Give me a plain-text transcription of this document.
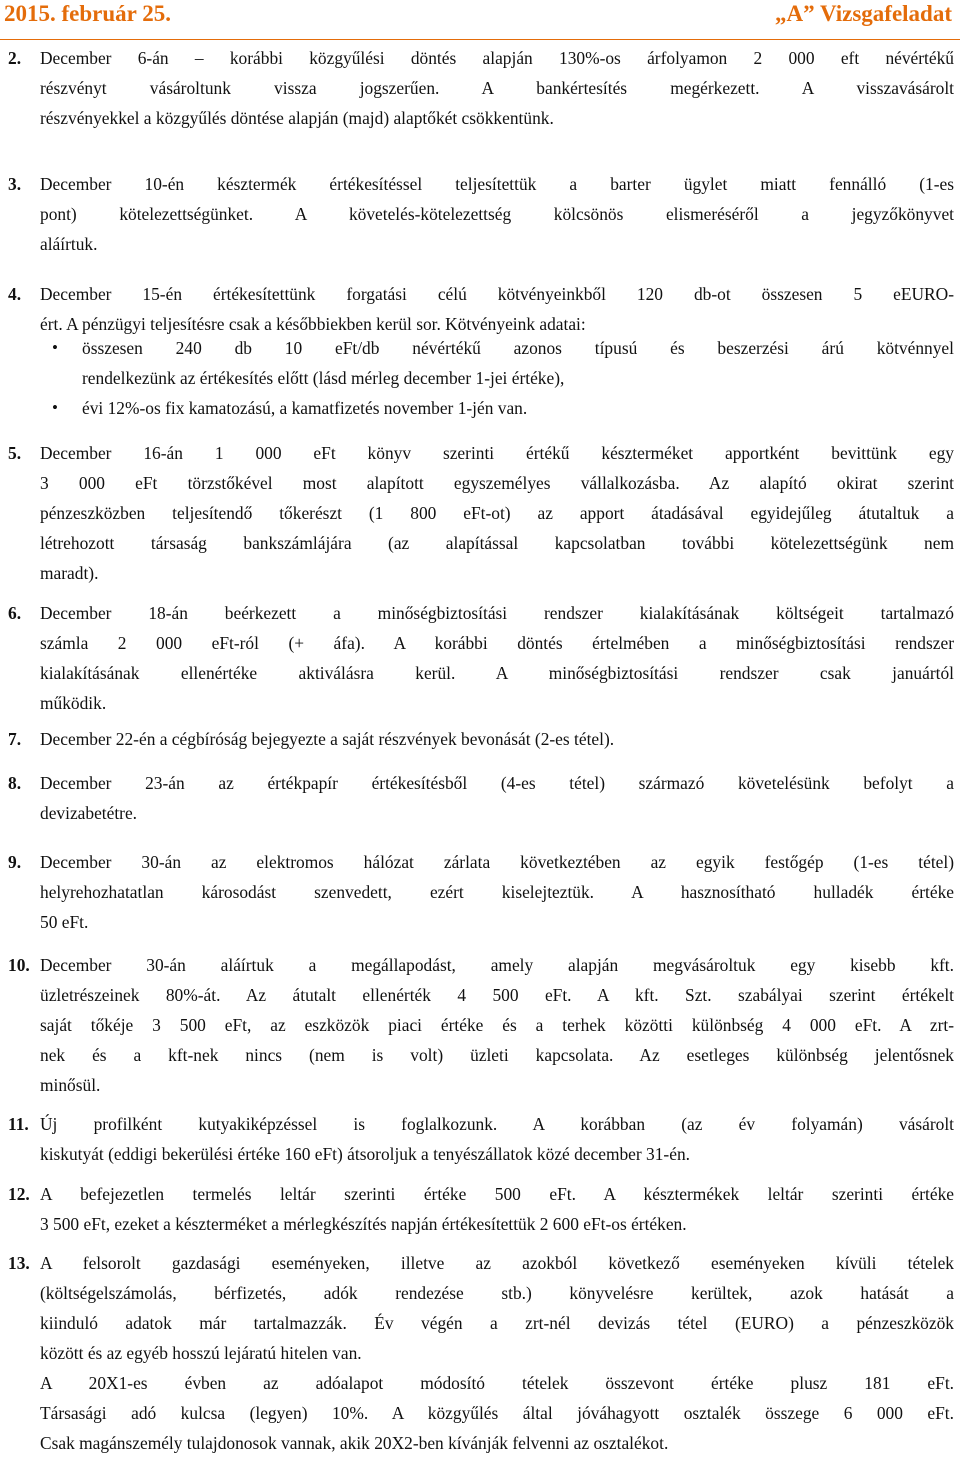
2015. február 25.	„A” Vizsgafeladat
2. December 6-án – korábbi közgyűlési döntés alapján 130%-os árfolyamon 2 000 eft névértékű
részvényt vásároltunk vissza jogszerűen. A bankértesítés megérkezett. A visszavásárolt
részvényekkel a közgyűlés döntése alapján (majd) alaptőkét csökkentünk.
3. December 10-én késztermék értékesítéssel teljesítettük a barter ügylet miatt fennálló (1-es
pont) kötelezettségünket. A követelés-kötelezettség kölcsönös elismeréséről a jegyzőkönyvet
aláírtuk.
4. December 15-én értékesítettünk forgatási célú kötvényeinkből 120 db-ot összesen 5 eEURO-
ért. A pénzügyi teljesítésre csak a későbbiekben kerül sor. Kötvényeink adatai:
• összesen 240 db 10 eFt/db névértékű azonos típusú és beszerzési árú kötvénnyel
rendelkezünk az értékesítés előtt (lásd mérleg december 1-jei értéke),
• évi 12%-os fix kamatozású, a kamatfizetés november 1-jén van.
5. December 16-án 1 000 eFt könyv szerinti értékű készterméket apportként bevittünk egy
3 000 eFt törzstőkével most alapított egyszemélyes vállalkozásba. Az alapító okirat szerint
pénzeszközben teljesítendő tőkerészt (1 800 eFt-ot) az apport átadásával egyidejűleg átutaltuk a
létrehozott társaság bankszámlájára (az alapítással kapcsolatban további kötelezettségünk nem
maradt).
6. December 18-án beérkezett a minőségbiztosítási rendszer kialakításának költségeit tartalmazó
számla 2 000 eFt-ról (+ áfa). A korábbi döntés értelmében a minőségbiztosítási rendszer
kialakításának ellenértéke aktiválásra kerül. A minőségbiztosítási rendszer csak januártól
működik.
7. December 22-én a cégbíróság bejegyezte a saját részvények bevonását (2-es tétel).
8. December 23-án az értékpapír értékesítésből (4-es tétel) származó követelésünk befolyt a
devizabetétre.
9. December 30-án az elektromos hálózat zárlata következtében az egyik festőgép (1-es tétel)
helyrehozhatatlan károsodást szenvedett, ezért kiselejteztük. A hasznosítható hulladék értéke
50 eFt.
10. December 30-án aláírtuk a megállapodást, amely alapján megvásároltuk egy kisebb kft.
üzletrészeinek 80%-át. Az átutalt ellenérték 4 500 eFt. A kft. Szt. szabályai szerint értékelt
saját tőkéje 3 500 eFt, az eszközök piaci értéke és a terhek közötti különbség 4 000 eFt. A zrt-
nek és a kft-nek nincs (nem is volt) üzleti kapcsolata. Az esetleges különbség jelentősnek
minősül.
11. Új profilként kutyakiképzéssel is foglalkozunk. A korábban (az év folyamán) vásárolt
kiskutyát (eddigi bekerülési értéke 160 eFt) átsoroljuk a tenyészállatok közé december 31-én.
12. A befejezetlen termelés leltár szerinti értéke 500 eFt. A késztermékek leltár szerinti értéke
3 500 eFt, ezeket a készterméket a mérlegkészítés napján értékesítettük 2 600 eFt-os értéken.
13. A felsorolt gazdasági eseményeken, illetve az azokból következő eseményeken kívüli tételek
(költségelszámolás, bérfizetés, adók rendezése stb.) könyvelésre kerültek, azok hatását a
kiinduló adatok már tartalmazzák. Év végén a zrt-nél devizás tétel (EURO) a pénzeszközök
között és az egyéb hosszú lejáratú hitelen van.
A 20X1-es évben az adóalapot módosító tételek összevont értéke plusz 181 eFt.
Társasági adó kulcsa (legyen) 10%. A közgyűlés által jóváhagyott osztalék összege 6 000 eFt.
Csak magánszemély tulajdonosok vannak, akik 20X2-ben kívánják felvenni az osztalékot.
